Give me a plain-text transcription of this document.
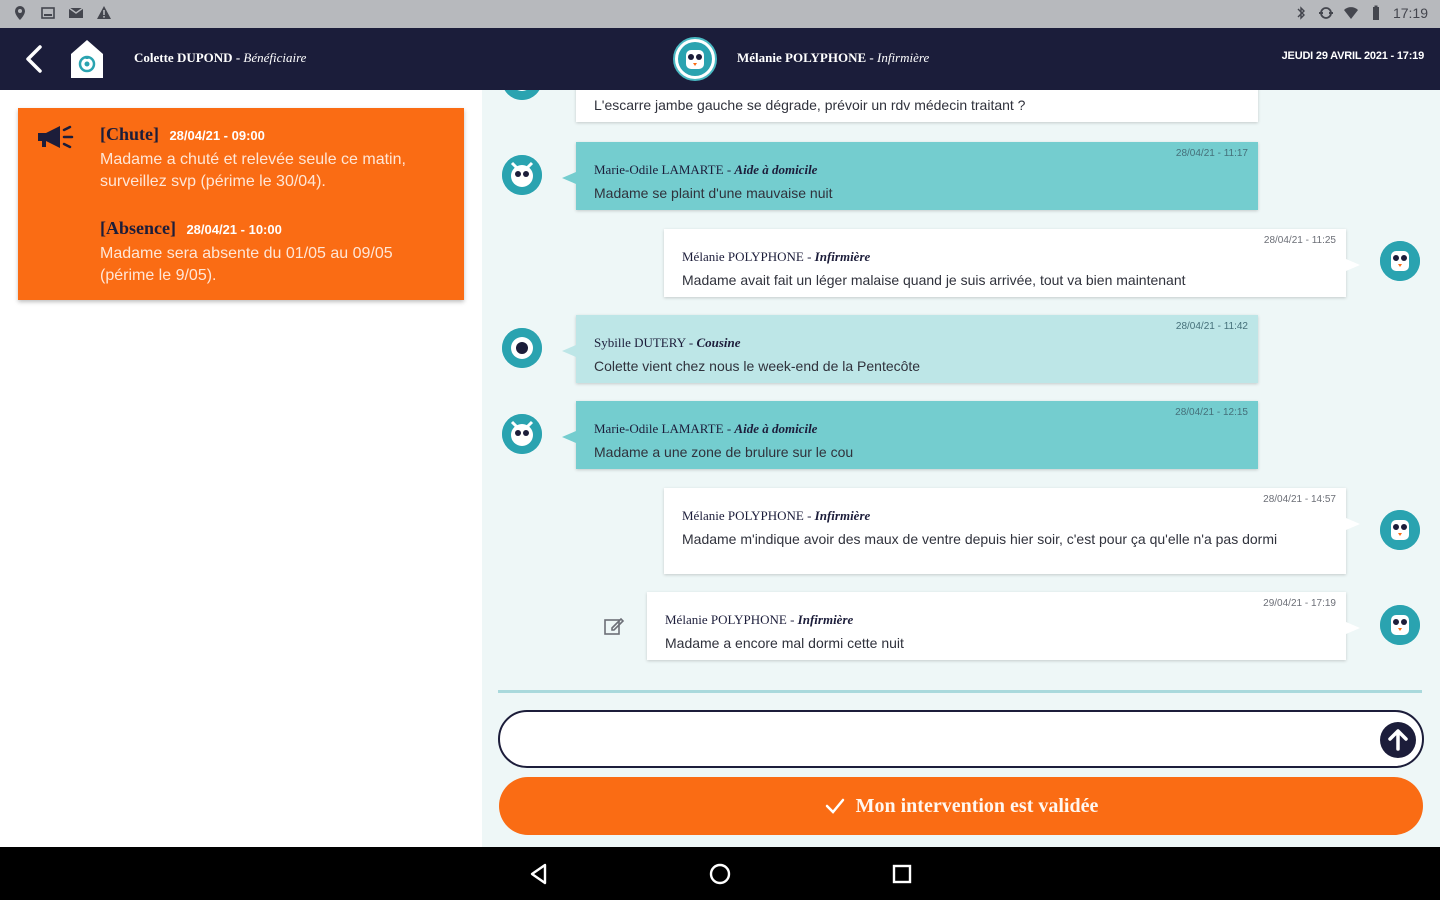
17:19
Colette DUPOND - Bénéficiaire	Mélanie POLYPHONE - Infirmière	JEUDI 29 AVRIL 2021 - 17:19
[Chute] 28/04/21 - 09:00
Madame a chuté et relevée seule ce matin, surveillez svp (périme le 30/04).
[Absence] 28/04/21 - 10:00
Madame sera absente du 01/05 au 09/05 (périme le 9/05).
L'escarre jambe gauche se dégrade, prévoir un rdv médecin traitant ?
28/04/21 - 11:17
Marie-Odile LAMARTE - Aide à domicile
Madame se plaint d'une mauvaise nuit
28/04/21 - 11:25
Mélanie POLYPHONE - Infirmière
Madame avait fait un léger malaise quand je suis arrivée, tout va bien maintenant
28/04/21 - 11:42
Sybille DUTERY - Cousine
Colette vient chez nous le week-end de la Pentecôte
28/04/21 - 12:15
Marie-Odile LAMARTE - Aide à domicile
Madame a une zone de brulure sur le cou
28/04/21 - 14:57
Mélanie POLYPHONE - Infirmière
Madame m'indique avoir des maux de ventre depuis hier soir, c'est pour ça qu'elle n'a pas dormi
29/04/21 - 17:19
Mélanie POLYPHONE - Infirmière
Madame a encore mal dormi cette nuit
Mon intervention est validée
